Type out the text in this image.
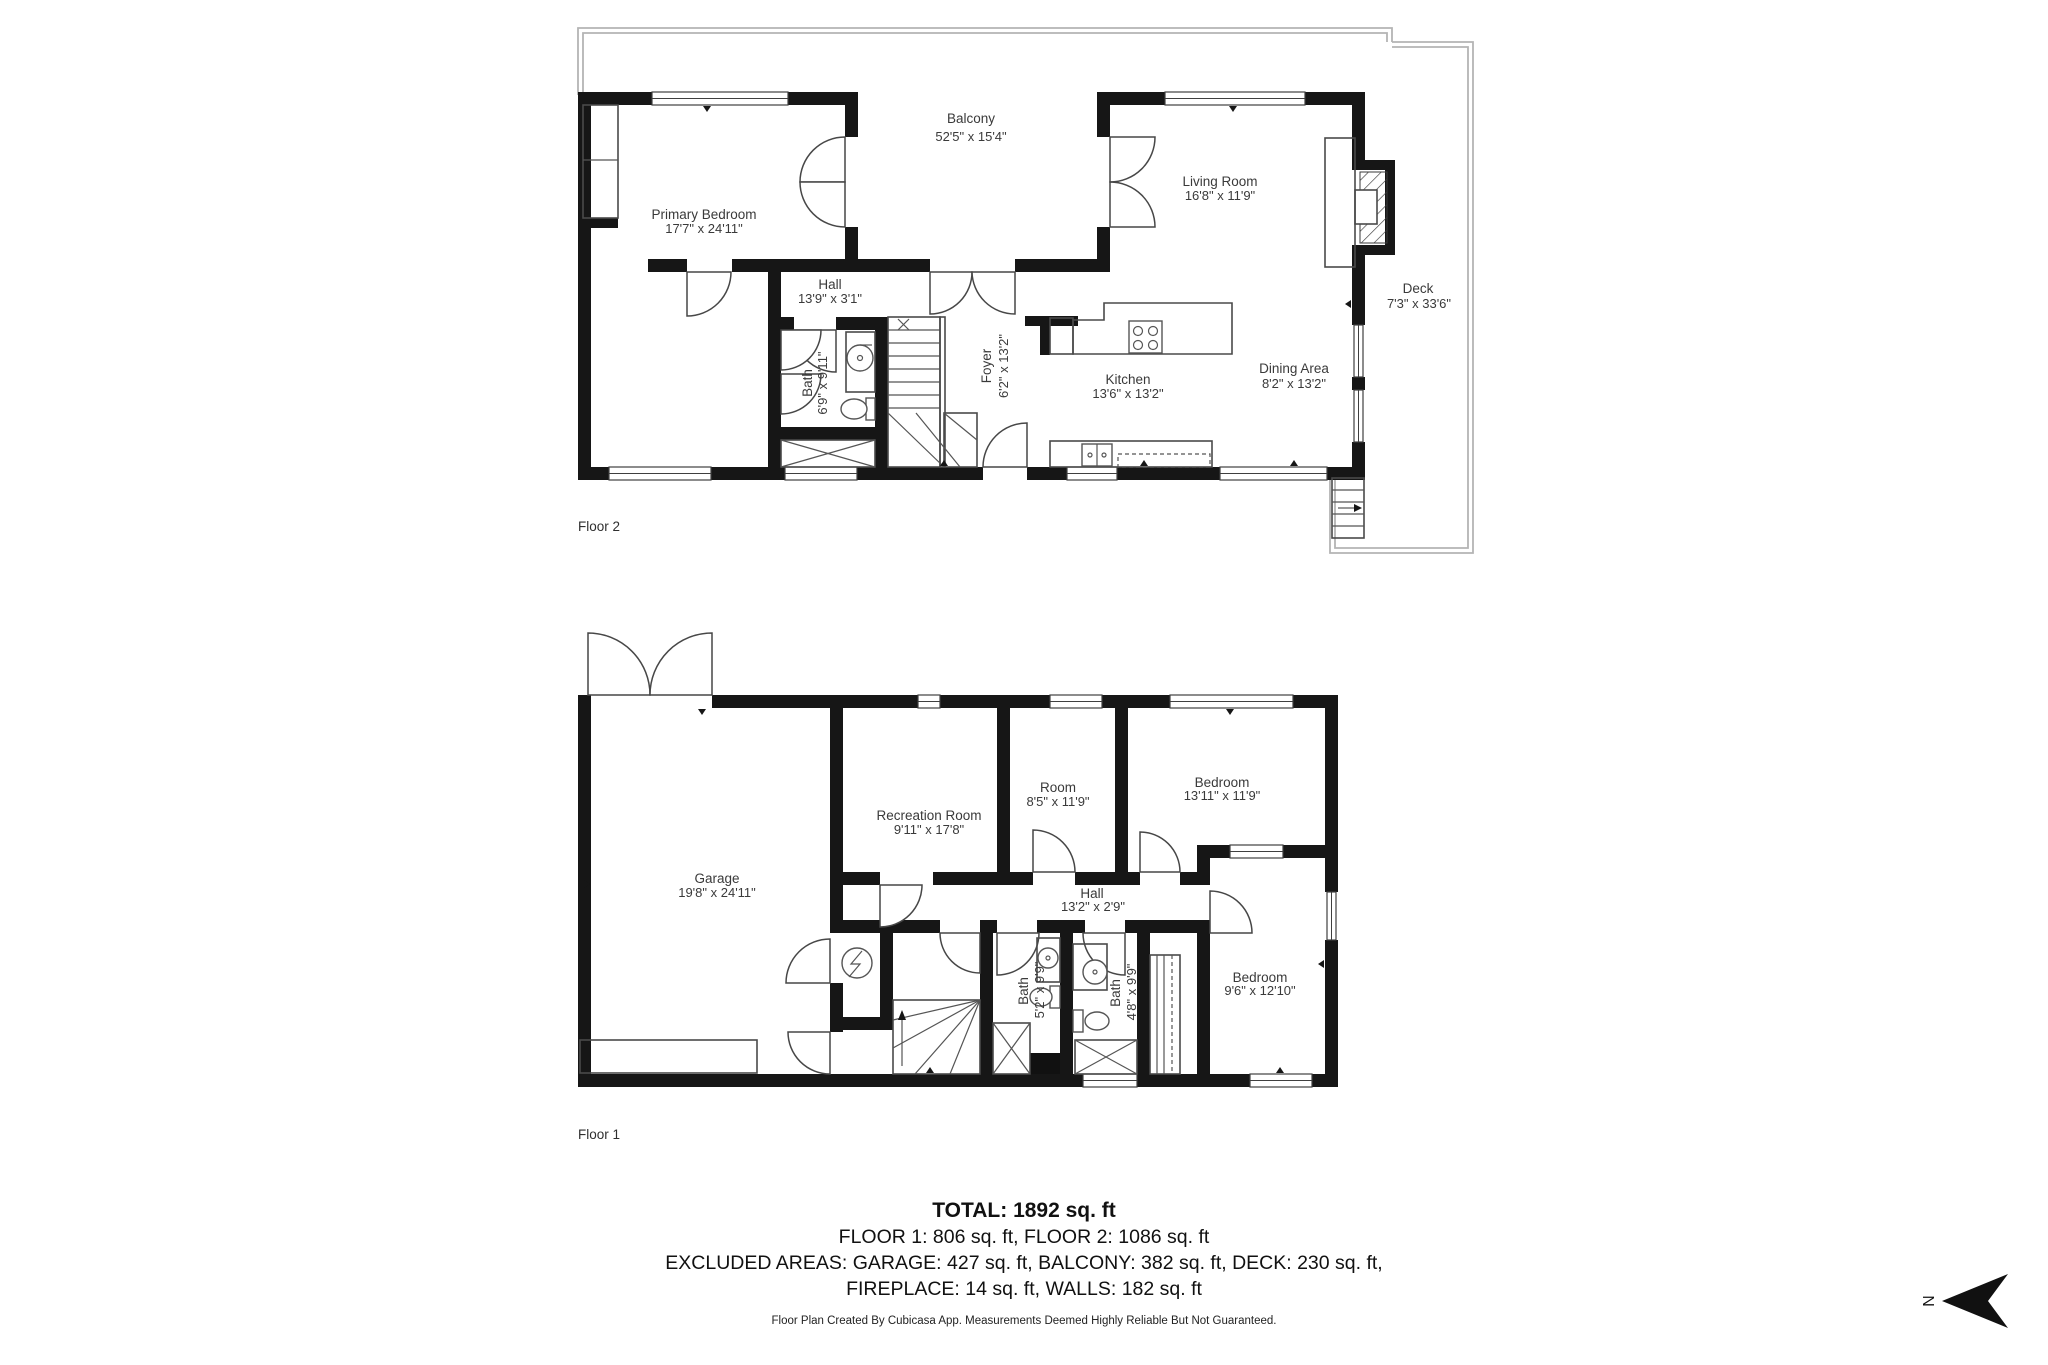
Balcony
52'5" x 15'4"
Primary Bedroom
17'7" x 24'11"
Living Room
16'8" x 11'9"
Hall
13'9" x 3'1"
Bath 6'9" x 9'11"	Foyer 6'2" x 13'2"	Kitchen
13'6" x 13'2"
Dining Area
8'2" x 13'2"
Deck
7'3" x 33'6"
Floor 2
Garage
19'8" x 24'11"
Recreation Room
9'11" x 17'8"
Room
8'5" x 11'9"
Bedroom
13'11" x 11'9"
Hall
13'2" x 2'9"
Bath 5'2" x 9'9"	Bath 4'8" x 9'9"	Bedroom
9'6" x 12'10"
Floor 1
N
TOTAL: 1892 sq. ft
FLOOR 1: 806 sq. ft, FLOOR 2: 1086 sq. ft
EXCLUDED AREAS: GARAGE: 427 sq. ft, BALCONY: 382 sq. ft, DECK: 230 sq. ft,
FIREPLACE: 14 sq. ft, WALLS: 182 sq. ft
Floor Plan Created By Cubicasa App. Measurements Deemed Highly Reliable But Not Guaranteed.
